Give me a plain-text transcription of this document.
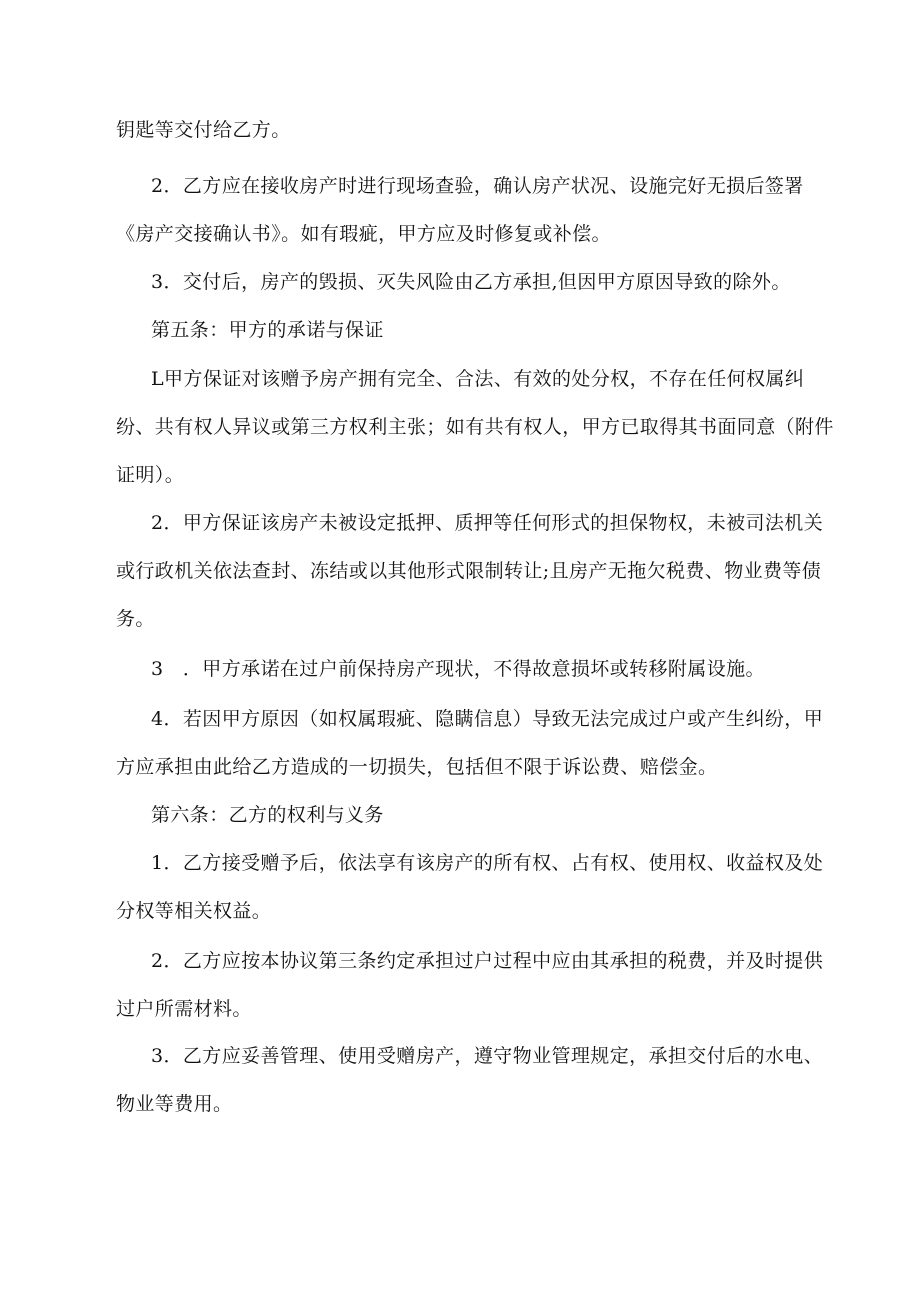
钥匙等交付给乙方。

2．乙方应在接收房产时进行现场查验，确认房产状况、设施完好无损后签署《房产交接确认书》。如有瑕疵，甲方应及时修复或补偿。

3．交付后，房产的毁损、灭失风险由乙方承担,但因甲方原因导致的除外。

第五条：甲方的承诺与保证

L甲方保证对该赠予房产拥有完全、合法、有效的处分权，不存在任何权属纠纷、共有权人异议或第三方权利主张；如有共有权人，甲方已取得其书面同意（附件证明）。

2．甲方保证该房产未被设定抵押、质押等任何形式的担保物权，未被司法机关或行政机关依法查封、冻结或以其他形式限制转让;且房产无拖欠税费、物业费等债务。

3　．甲方承诺在过户前保持房产现状，不得故意损坏或转移附属设施。

4．若因甲方原因（如权属瑕疵、隐瞒信息）导致无法完成过户或产生纠纷，甲方应承担由此给乙方造成的一切损失，包括但不限于诉讼费、赔偿金。

第六条：乙方的权利与义务

1．乙方接受赠予后，依法享有该房产的所有权、占有权、使用权、收益权及处分权等相关权益。

2．乙方应按本协议第三条约定承担过户过程中应由其承担的税费，并及时提供过户所需材料。

3．乙方应妥善管理、使用受赠房产，遵守物业管理规定，承担交付后的水电、物业等费用。
